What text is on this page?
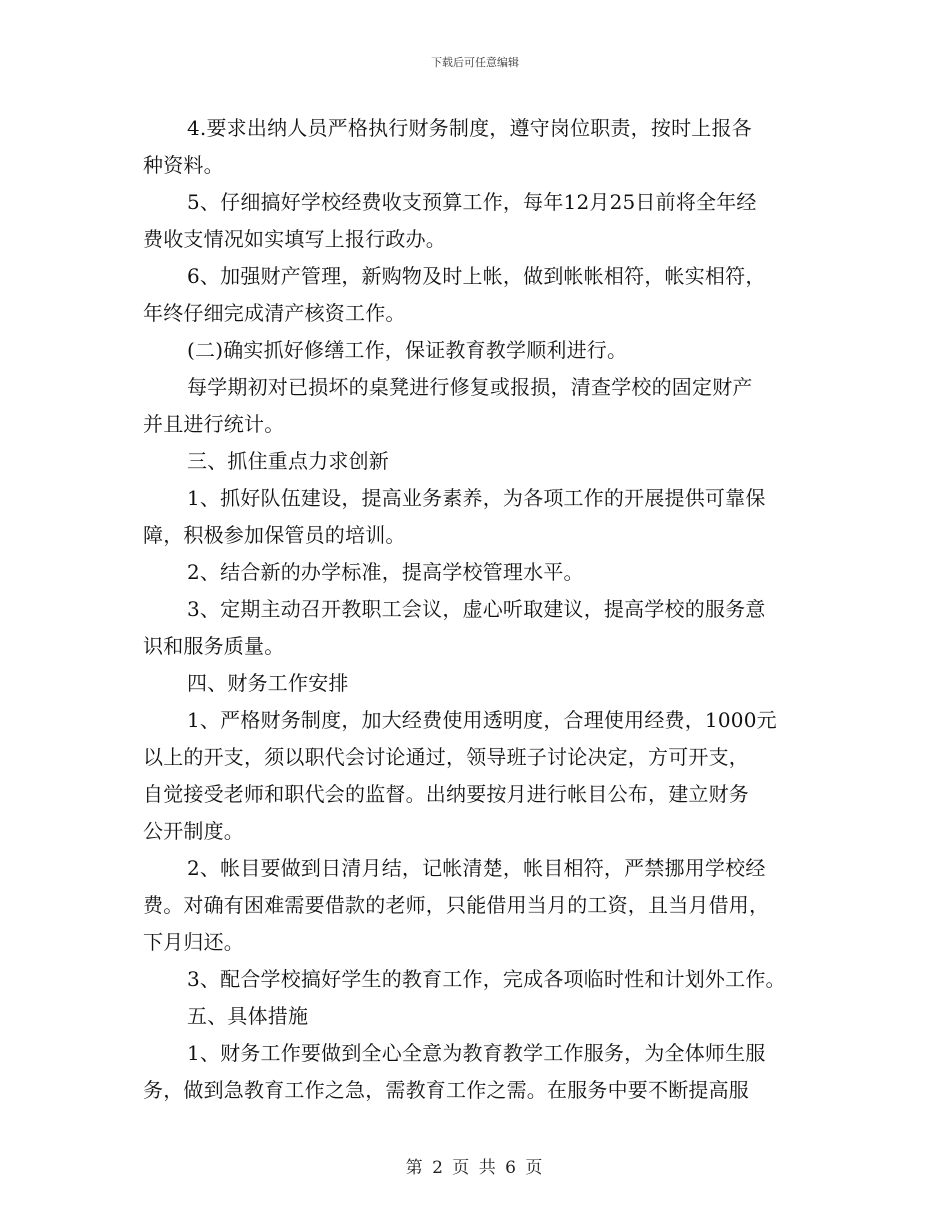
下载后可任意编辑
4.要求出纳人员严格执行财务制度，遵守岗位职责，按时上报各
种资料。
5、仔细搞好学校经费收支预算工作，每年12月25日前将全年经
费收支情况如实填写上报行政办。
6、加强财产管理，新购物及时上帐，做到帐帐相符，帐实相符，
年终仔细完成清产核资工作。
(二)确实抓好修缮工作，保证教育教学顺利进行。
每学期初对已损坏的桌凳进行修复或报损，清查学校的固定财产
并且进行统计。
三、抓住重点力求创新
1、抓好队伍建设，提高业务素养，为各项工作的开展提供可靠保
障，积极参加保管员的培训。
2、结合新的办学标准，提高学校管理水平。
3、定期主动召开教职工会议，虚心听取建议，提高学校的服务意
识和服务质量。
四、财务工作安排
1、严格财务制度，加大经费使用透明度，合理使用经费，1000元
以上的开支，须以职代会讨论通过，领导班子讨论决定，方可开支，
自觉接受老师和职代会的监督。出纳要按月进行帐目公布，建立财务
公开制度。
2、帐目要做到日清月结，记帐清楚，帐目相符，严禁挪用学校经
费。对确有困难需要借款的老师，只能借用当月的工资，且当月借用，
下月归还。
3、配合学校搞好学生的教育工作，完成各项临时性和计划外工作。
五、具体措施
1、财务工作要做到全心全意为教育教学工作服务，为全体师生服
务，做到急教育工作之急，需教育工作之需。在服务中要不断提高服
第 2 页 共 6 页
